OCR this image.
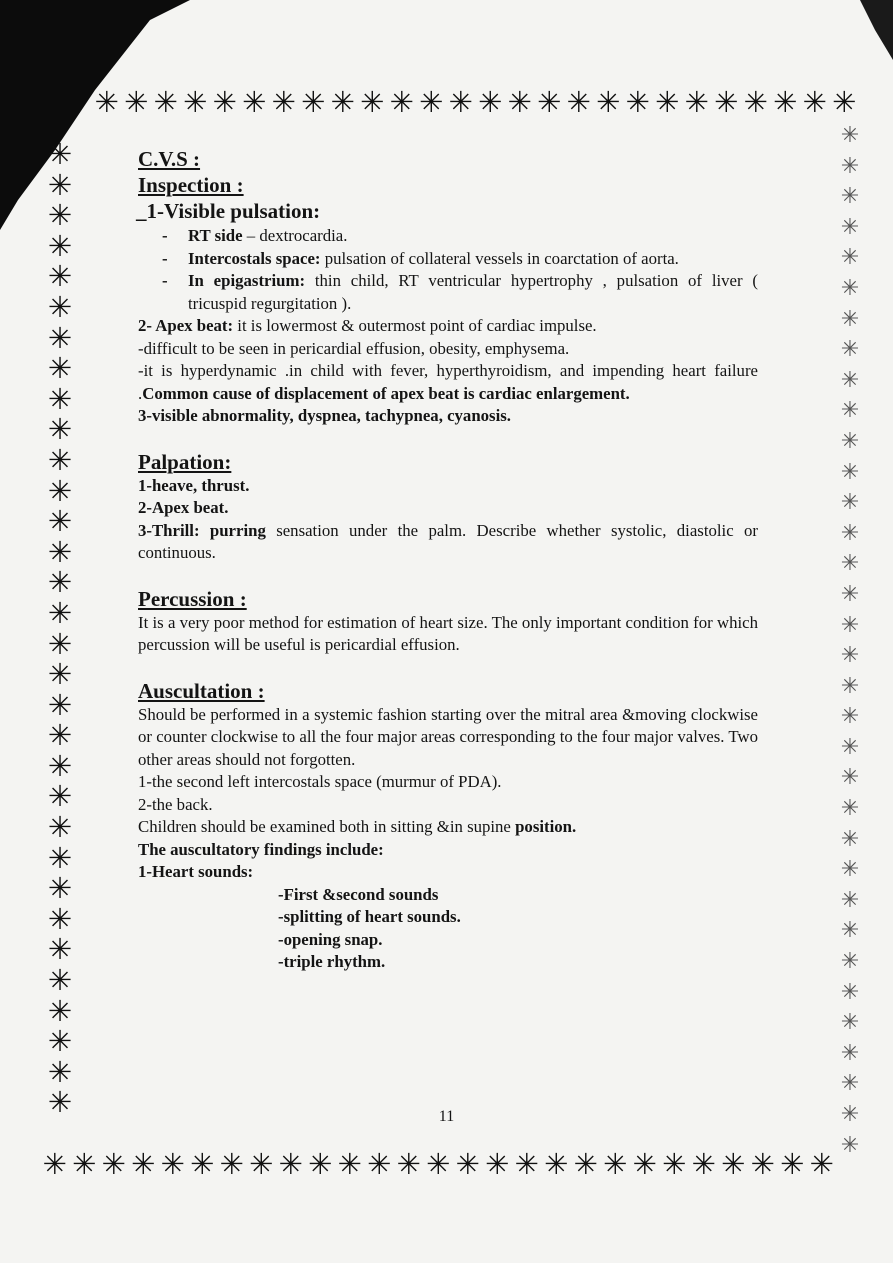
✳ ✳ ✳ ✳ ✳ ✳ ✳ ✳ ✳ ✳ ✳ ✳ ✳ ✳ ✳ ✳ ✳ ✳ ✳ ✳ ✳ ✳ ✳ ✳ ✳ ✳
✳ ✳ ✳ ✳ ✳ ✳ ✳ ✳ ✳ ✳ ✳ ✳ ✳ ✳ ✳ ✳ ✳ ✳ ✳ ✳ ✳ ✳ ✳ ✳ ✳ ✳ ✳
✳
✳
✳
✳
✳
✳
✳
✳
✳
✳
✳
✳
✳
✳
✳
✳
✳
✳
✳
✳
✳
✳
✳
✳
✳
✳
✳
✳
✳
✳
✳
✳
✳
✳
✳
✳
✳
✳
✳
✳
✳
✳
✳
✳
✳
✳
✳
✳
✳
✳
✳
✳
✳
✳
✳
✳
✳
✳
✳
✳
✳
✳
✳
✳
✳
✳
C.V.S :
Inspection :
_1-Visible pulsation:
-	RT side – dextrocardia.
-	Intercostals space: pulsation of collateral vessels in coarctation of aorta.
-	In epigastrium: thin child, RT ventricular hypertrophy , pulsation of liver ( tricuspid regurgitation ).
2- Apex beat: it is lowermost & outermost point of cardiac impulse.
-difficult to be seen in pericardial effusion, obesity, emphysema.
-it is hyperdynamic .in child with fever, hyperthyroidism, and impending heart failure .Common cause of displacement of apex beat is cardiac enlargement.
3-visible abnormality, dyspnea, tachypnea, cyanosis.
Palpation:
1-heave, thrust.
2-Apex beat.
3-Thrill: purring sensation under the palm. Describe whether systolic, diastolic or continuous.
Percussion :
It is a very poor method for estimation of heart size. The only important condition for which percussion will be useful is pericardial effusion.
Auscultation :
Should be performed in a systemic fashion starting over the mitral area &moving clockwise or counter clockwise to all the four major areas corresponding to the four major valves. Two other areas should not forgotten.
1-the second left intercostals space (murmur of PDA).
2-the back.
Children should be examined both in sitting &in supine position.
The auscultatory findings include:
1-Heart sounds:
-First &second sounds
-splitting of heart sounds.
-opening snap.
-triple rhythm.
11
